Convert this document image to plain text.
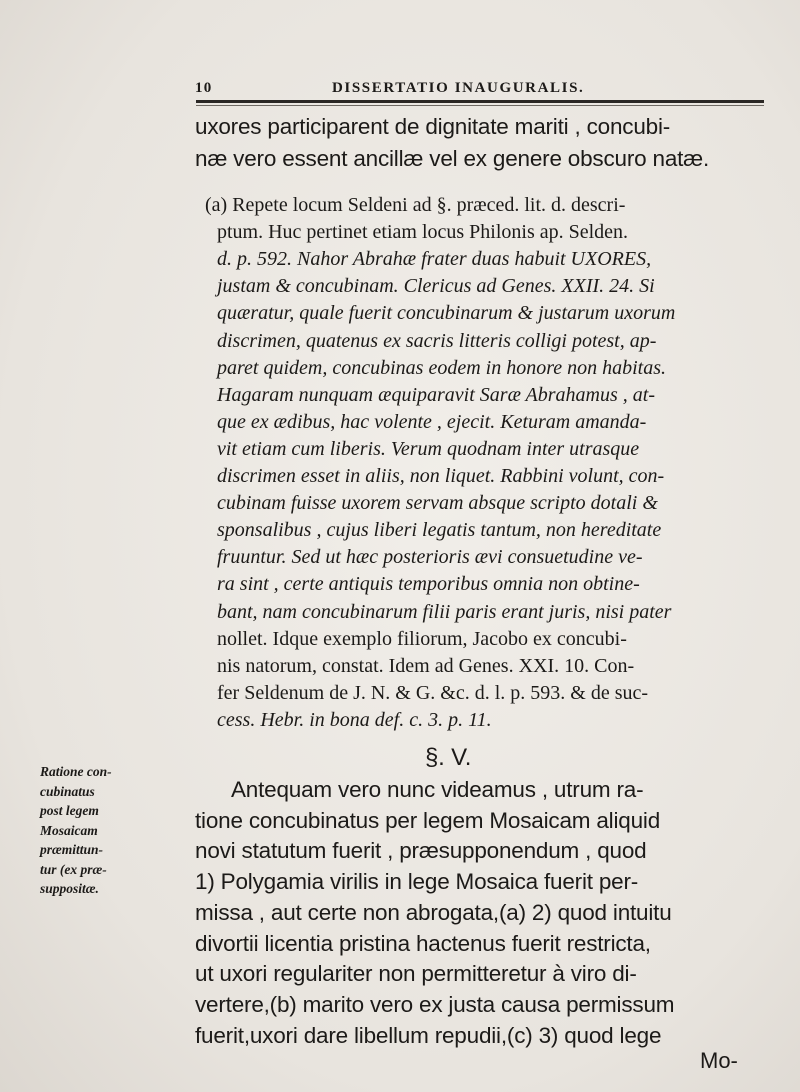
10	DISSERTATIO INAUGURALIS.
uxores participarent de dignitate mariti , concubi-
næ vero essent ancillæ vel ex genere obscuro natæ.
(a) Repete locum Seldeni ad §. præced. lit. d. descri-
ptum. Huc pertinet etiam locus Philonis ap. Selden.
d. p. 592. Nahor Abrahæ frater duas habuit UXORES,
justam & concubinam. Clericus ad Genes. XXII. 24. Si
quæratur, quale fuerit concubinarum & justarum uxorum
discrimen, quatenus ex sacris litteris colligi potest, ap-
paret quidem, concubinas eodem in honore non habitas.
Hagaram nunquam æquiparavit Saræ Abrahamus , at-
que ex ædibus, hac volente , ejecit. Keturam amanda-
vit etiam cum liberis. Verum quodnam inter utrasque
discrimen esset in aliis, non liquet. Rabbini volunt, con-
cubinam fuisse uxorem servam absque scripto dotali &
sponsalibus , cujus liberi legatis tantum, non hereditate
fruuntur. Sed ut hæc posterioris ævi consuetudine ve-
ra sint , certe antiquis temporibus omnia non obtine-
bant, nam concubinarum filii paris erant juris, nisi pater
nollet. Idque exemplo filiorum, Jacobo ex concubi-
nis natorum, constat. Idem ad Genes. XXI. 10. Con-
fer Seldenum de J. N. & G. &c. d. l. p. 593. & de suc-
cess. Hebr. in bona def. c. 3. p. 11.
§. V.
Antequam vero nunc videamus , utrum ra-
tione concubinatus per legem Mosaicam aliquid
novi statutum fuerit , præsupponendum , quod
1) Polygamia virilis in lege Mosaica fuerit per-
missa , aut certe non abrogata,(a) 2) quod intuitu
divortii licentia pristina hactenus fuerit restricta,
ut uxori regulariter non permitteretur à viro di-
vertere,(b) marito vero ex justa causa permissum
fuerit,uxori dare libellum repudii,(c) 3) quod lege
Ratione con-
cubinatus
post legem
Mosaicam
præmittun-
tur (ex præ-
suppositæ.
Mo-
